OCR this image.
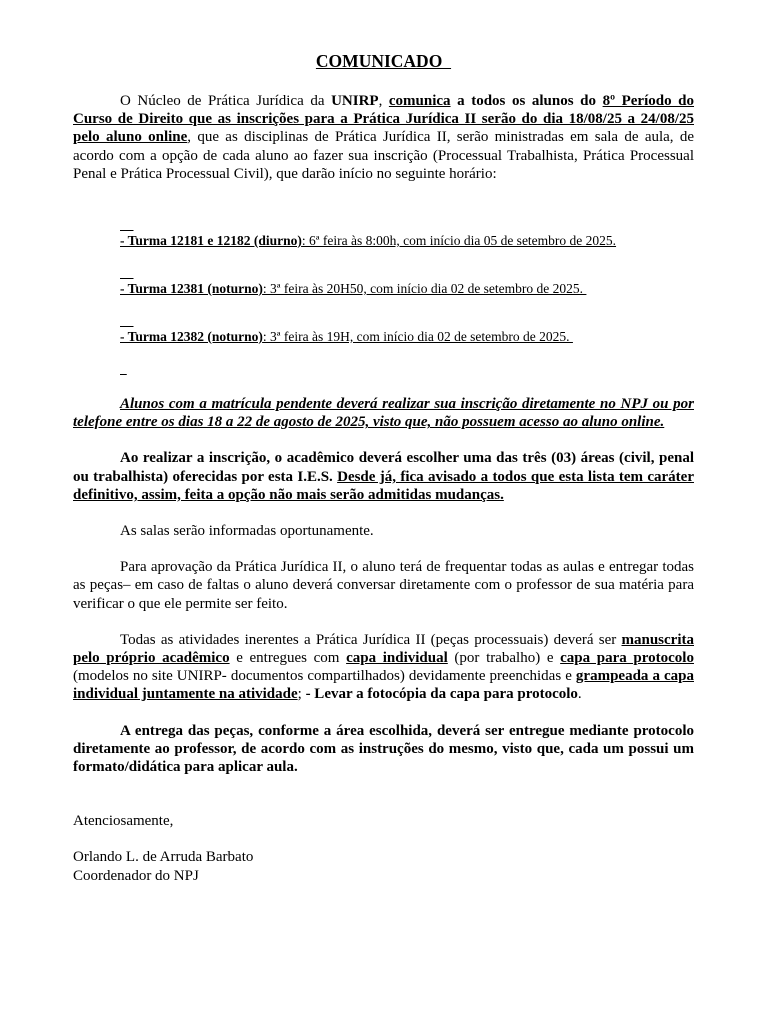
COMUNICADO

O Núcleo de Prática Jurídica da UNIRP, comunica a todos os alunos do 8º Período do Curso de Direito que as inscrições para a Prática Jurídica II serão do dia 18/08/25 a 24/08/25 pelo aluno online, que as disciplinas de Prática Jurídica II, serão ministradas em sala de aula, de acordo com a opção de cada aluno ao fazer sua inscrição (Processual Trabalhista, Prática Processual Penal e Prática Processual Civil), que darão início no seguinte horário:

- Turma 12181 e 12182 (diurno): 6ª feira às 8:00h, com início dia 05 de setembro de 2025.

- Turma 12381 (noturno): 3ª feira às 20H50, com início dia 02 de setembro de 2025.

- Turma 12382 (noturno): 3ª feira às 19H, com início dia 02 de setembro de 2025.

Alunos com a matrícula pendente deverá realizar sua inscrição diretamente no NPJ ou por telefone entre os dias 18 a 22 de agosto de 2025, visto que, não possuem acesso ao aluno online.

Ao realizar a inscrição, o acadêmico deverá escolher uma das três (03) áreas (civil, penal ou trabalhista) oferecidas por esta I.E.S. Desde já, fica avisado a todos que esta lista tem caráter definitivo, assim, feita a opção não mais serão admitidas mudanças.

As salas serão informadas oportunamente.

Para aprovação da Prática Jurídica II, o aluno terá de frequentar todas as aulas e entregar todas as peças– em caso de faltas o aluno deverá conversar diretamente com o professor de sua matéria para verificar o que ele permite ser feito.

Todas as atividades inerentes a Prática Jurídica II (peças processuais) deverá ser manuscrita pelo próprio acadêmico e entregues com capa individual (por trabalho) e capa para protocolo (modelos no site UNIRP- documentos compartilhados) devidamente preenchidas e grampeada a capa individual juntamente na atividade; - Levar a fotocópia da capa para protocolo.

A entrega das peças, conforme a área escolhida, deverá ser entregue mediante protocolo diretamente ao professor, de acordo com as instruções do mesmo, visto que, cada um possui um formato/didática para aplicar aula.

Atenciosamente,

Orlando L. de Arruda Barbato

Coordenador do NPJ
